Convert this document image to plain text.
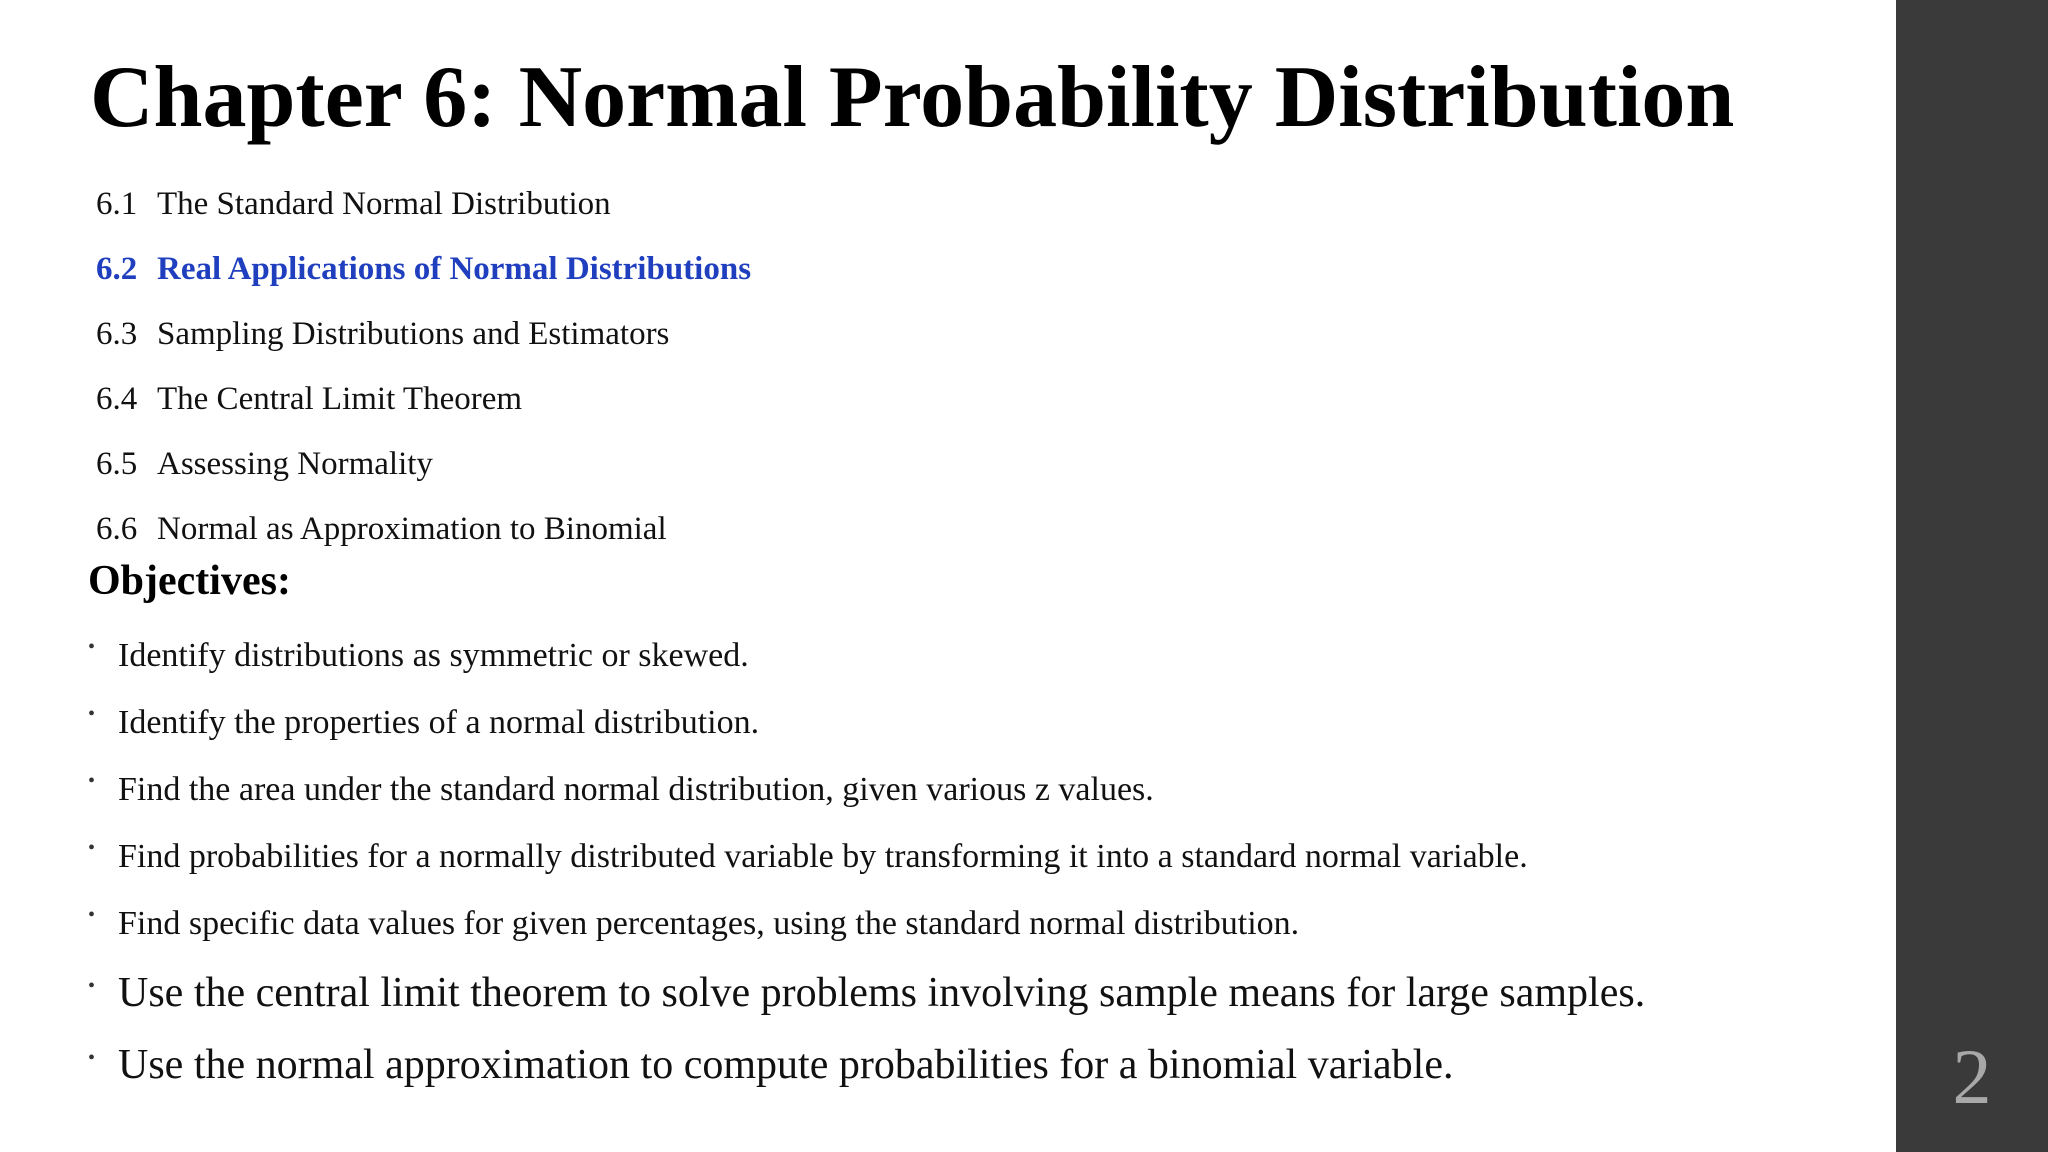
Chapter 6: Normal Probability Distribution
6.1 The Standard Normal Distribution
6.2 Real Applications of Normal Distributions
6.3 Sampling Distributions and Estimators
6.4 The Central Limit Theorem
6.5 Assessing Normality
6.6 Normal as Approximation to Binomial
Objectives:
• Identify distributions as symmetric or skewed.
• Identify the properties of a normal distribution.
• Find the area under the standard normal distribution, given various z values.
• Find probabilities for a normally distributed variable by transforming it into a standard normal variable.
• Find specific data values for given percentages, using the standard normal distribution.
• Use the central limit theorem to solve problems involving sample means for large samples.
• Use the normal approximation to compute probabilities for a binomial variable.	2
